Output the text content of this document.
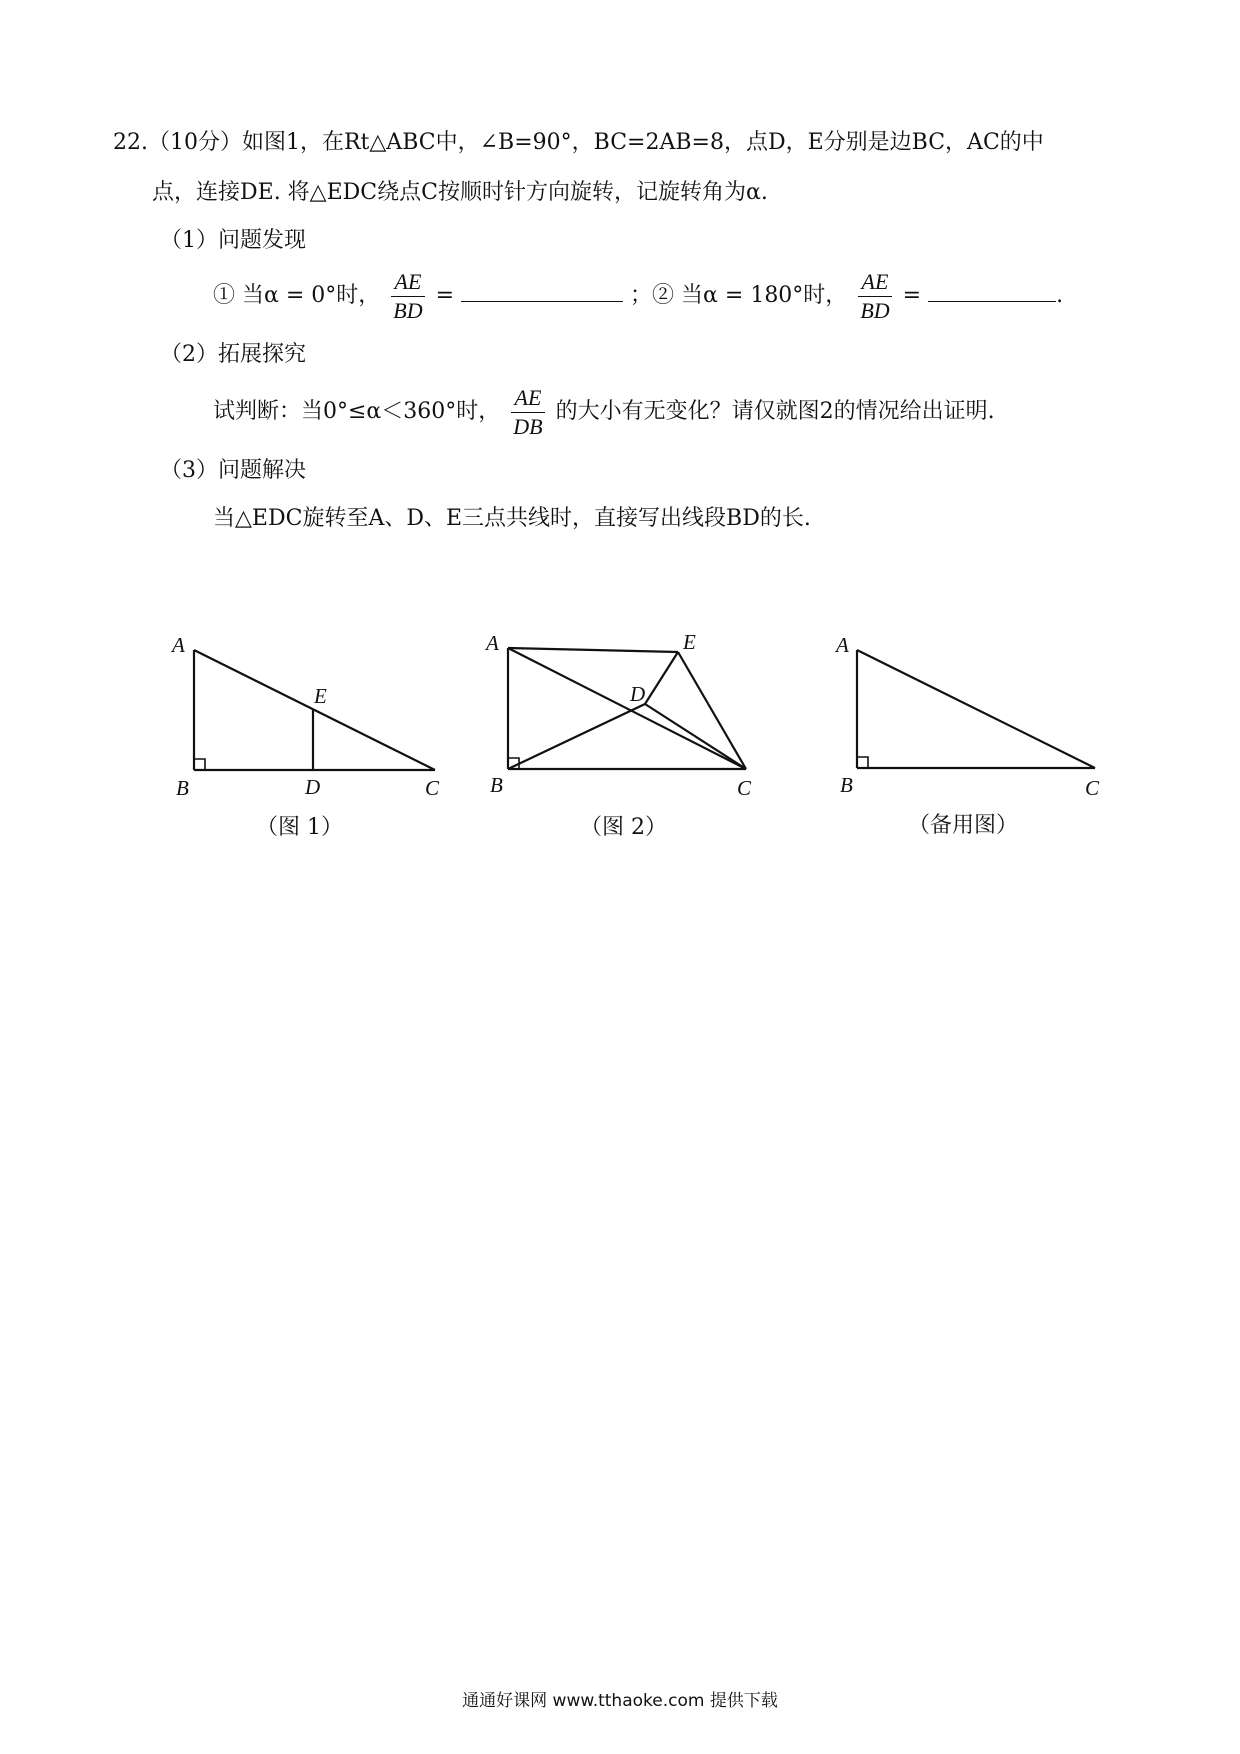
22.（10分）如图1，在Rt△ABC中，∠B=90°，BC=2AB=8，点D，E分别是边BC，AC的中
点，连接DE. 将△EDC绕点C按顺时针方向旋转，记旋转角为α.
（1）问题发现
① 当α = 0°时， $\frac{AE}{BD}$ =	；② 当α = 180°时， $\frac{AE}{BD}$ =	.
（2）拓展探究
试判断：当0°≤α＜360°时， $\frac{AE}{DB}$ 的大小有无变化？请仅就图2的情况给出证明.
（3）问题解决
当△EDC旋转至A、D、E三点共线时，直接写出线段BD的长.
A
B	C
D
E
A
B	C
D
E	A
B	C
（图 1）	（图 2）	（备用图）
通通好课网 www.tthaoke.com 提供下载
